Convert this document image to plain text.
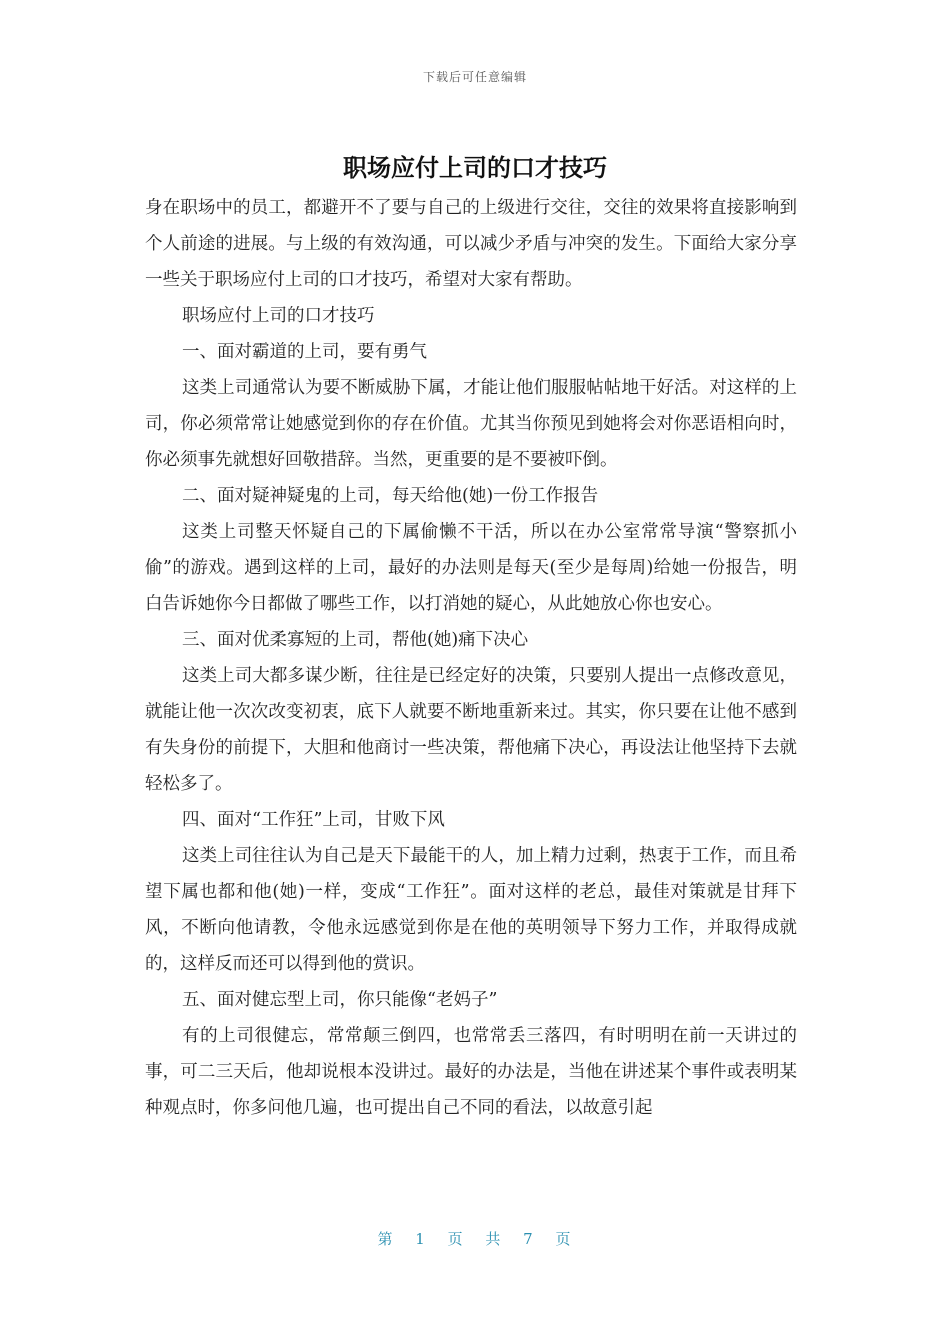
下载后可任意编辑
职场应付上司的口才技巧

身在职场中的员工，都避开不了要与自己的上级进行交往，交往的效果将直接影响到个人前途的进展。与上级的有效沟通，可以减少矛盾与冲突的发生。下面给大家分享一些关于职场应付上司的口才技巧，希望对大家有帮助。

职场应付上司的口才技巧

一、面对霸道的上司，要有勇气

这类上司通常认为要不断威胁下属，才能让他们服服帖帖地干好活。对这样的上司，你必须常常让她感觉到你的存在价值。尤其当你预见到她将会对你恶语相向时，你必须事先就想好回敬措辞。当然，更重要的是不要被吓倒。

二、面对疑神疑鬼的上司，每天给他(她)一份工作报告

这类上司整天怀疑自己的下属偷懒不干活，所以在办公室常常导演“警察抓小偷”的游戏。遇到这样的上司，最好的办法则是每天(至少是每周)给她一份报告，明白告诉她你今日都做了哪些工作，以打消她的疑心，从此她放心你也安心。

三、面对优柔寡短的上司，帮他(她)痛下决心

这类上司大都多谋少断，往往是已经定好的决策，只要别人提出一点修改意见，就能让他一次次改变初衷，底下人就要不断地重新来过。其实，你只要在让他不感到有失身份的前提下，大胆和他商讨一些决策，帮他痛下决心，再设法让他坚持下去就轻松多了。

四、面对“工作狂”上司，甘败下风

这类上司往往认为自己是天下最能干的人，加上精力过剩，热衷于工作，而且希望下属也都和他(她)一样，变成“工作狂”。面对这样的老总，最佳对策就是甘拜下风，不断向他请教，令他永远感觉到你是在他的英明领导下努力工作，并取得成就的，这样反而还可以得到他的赏识。

五、面对健忘型上司，你只能像“老妈子”

有的上司很健忘，常常颠三倒四，也常常丢三落四，有时明明在前一天讲过的事，可二三天后，他却说根本没讲过。最好的办法是，当他在讲述某个事件或表明某种观点时，你多问他几遍，也可提出自己不同的看法，以故意引起

第 1 页 共 7 页
